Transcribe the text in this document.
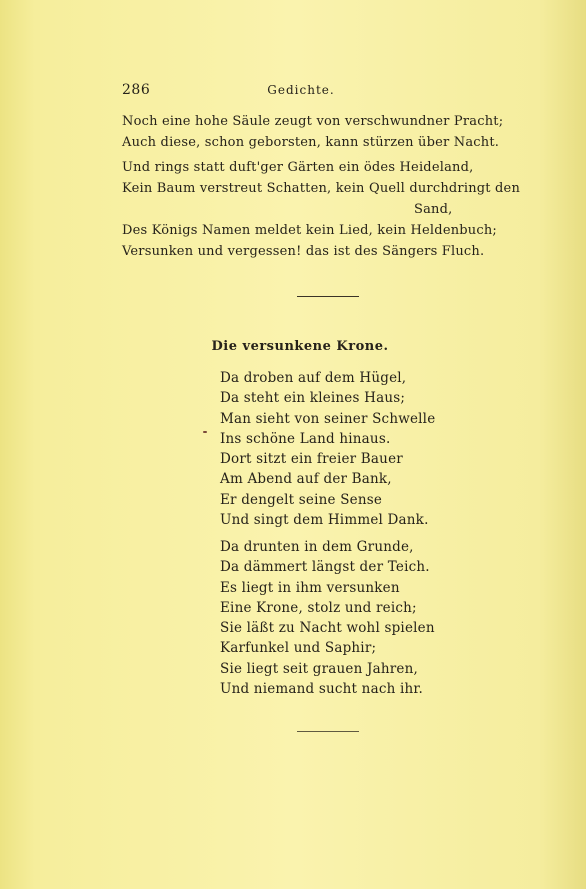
286	Gedichte.
Noch eine hohe Säule zeugt von verschwundner Pracht;
Auch diese, schon geborsten, kann stürzen über Nacht.
Und rings statt duft'ger Gärten ein ödes Heideland,
Kein Baum verstreut Schatten, kein Quell durchdringt den
Sand,
Des Königs Namen meldet kein Lied, kein Heldenbuch;
Versunken und vergessen! das ist des Sängers Fluch.
Die versunkene Krone.
Da droben auf dem Hügel,
Da steht ein kleines Haus;
Man sieht von seiner Schwelle
Ins schöne Land hinaus.
Dort sitzt ein freier Bauer
Am Abend auf der Bank,
Er dengelt seine Sense
Und singt dem Himmel Dank.
Da drunten in dem Grunde,
Da dämmert längst der Teich.
Es liegt in ihm versunken
Eine Krone, stolz und reich;
Sie läßt zu Nacht wohl spielen
Karfunkel und Saphir;
Sie liegt seit grauen Jahren,
Und niemand sucht nach ihr.
